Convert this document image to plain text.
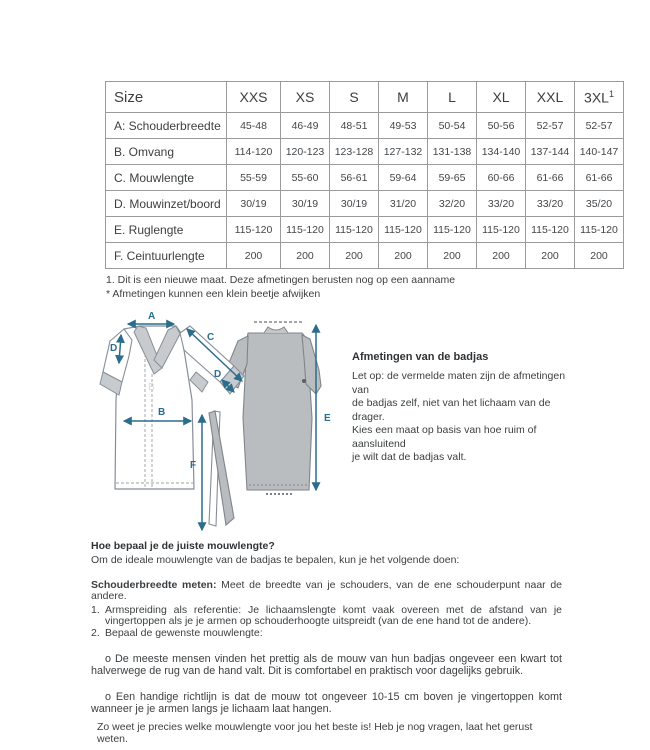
Size	XXS	XS	S	M	L	XL	XXL	$3XL^1$
A: Schouderbreedte	45-48	46-49	48-51	49-53	50-54	50-56	52-57	52-57
B. Omvang	114-120	120-123	123-128	127-132	131-138	134-140	137-144	140-147
C. Mouwlengte	55-59	55-60	56-61	59-64	59-65	60-66	61-66	61-66
D. Mouwinzet/boord	30/19	30/19	30/19	31/20	32/20	33/20	33/20	35/20
E. Ruglengte	115-120	115-120	115-120	115-120	115-120	115-120	115-120	115-120
F. Ceintuurlengte	200	200	200	200	200	200	200	200
1. Dit is een nieuwe maat. Deze afmetingen berusten nog op een aanname
* Afmetingen kunnen een klein beetje afwijken
B
A
B
C
D
D
E
F

Afmetingen van de badjas

Let op: de vermelde maten zijn de afmetingen van
de badjas zelf, niet van het lichaam van de drager.
Kies een maat op basis van hoe ruim of aansluitend
je wilt dat de badjas valt.

Hoe bepaal je de juiste mouwlengte?

Om de ideale mouwlengte van de badjas te bepalen, kun je het volgende doen:

Schouderbreedte meten: Meet de breedte van je schouders, van de ene schouderpunt naar de andere.

Armspreiding als referentie: Je lichaamslengte komt vaak overeen met de afstand van je vingertoppen als je je armen op schouderhoogte uitspreidt (van de ene hand tot de andere).
Bepaal de gewenste mouwlengte:

o De meeste mensen vinden het prettig als de mouw van hun badjas ongeveer een kwart tot halverwege de rug van de hand valt. Dit is comfortabel en praktisch voor dagelijks gebruik.

o Een handige richtlijn is dat de mouw tot ongeveer 10-15 cm boven je vingertoppen komt wanneer je je armen langs je lichaam laat hangen.

Zo weet je precies welke mouwlengte voor jou het beste is! Heb je nog vragen, laat het gerust weten.
